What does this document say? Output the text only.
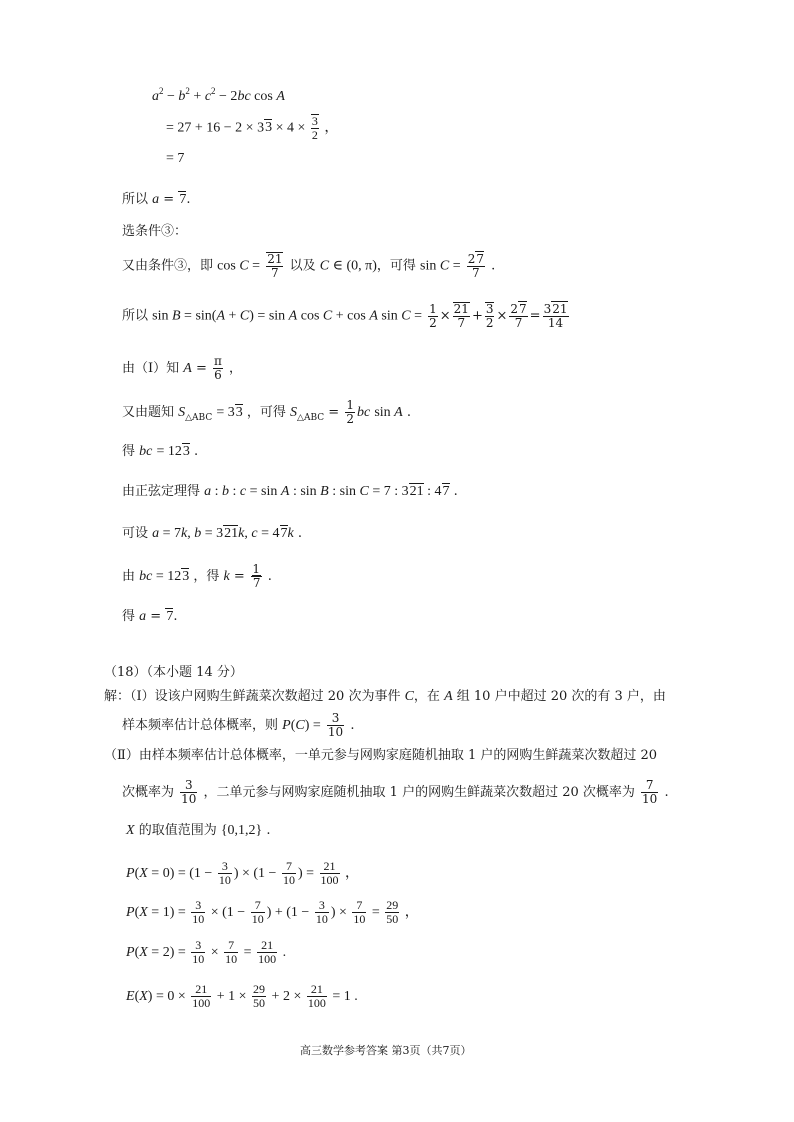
$a^2 - b^2 + c^2 - 2bc$ cos A
= $27 + 16 - 2 \times 33 \times 4 \times \frac{3}{2}$ ，
= 7
所以 a = 7.
选条件③：
又由条件③，即 $\cos C = \frac{21}{7}$ 以及 C ∈ (0, π)，可得 $\sin C = \frac{27}{7}$ .
所以 sin B = sin(A + C) = sin A cos C + cos A $\sin C = \frac{1}{2} \times \frac{21}{7} + \frac{3}{2} \times \frac{27}{7} = \frac{321}{14}$
由（Ⅰ）知 $A = \frac{\pi}{6}$ ，
又由题知 $S_{\triangle ABC} = 33$ ，可得 $S_{\triangle ABC} = \frac{1}{2}$ bc sin A .
得 bc = 123 .
由正弦定理得 a : b : c = sin A : sin B : sin C = 7 : 321 : 47 .
可设 a = 7k, b = 321k, c = 47k .
由 bc = 123 ，得 $k = \frac{1}{7}$ .
得 a = 7.
（18）（本小题 14 分）
解：（Ⅰ）设该户网购生鲜蔬菜次数超过 20 次为事件 C，在 A 组 10 户中超过 20 次的有 3 户，由
样本频率估计总体概率，则 $P(C) = \frac{3}{10}$ .
（Ⅱ）由样本频率估计总体概率，一单元参与网购家庭随机抽取 1 户的网购生鲜蔬菜次数超过 20
次概率为 $\frac{3}{10}$ ，二单元参与网购家庭随机抽取 1 户的网购生鲜蔬菜次数超过 20 次概率为 $\frac{7}{10}$ .
X 的取值范围为 {0,1,2} .
$P(X = 0) = (1 - \frac{3}{10}$ ) × ($1 - \frac{7}{10}$ ) = $\frac{21}{100}$ ，
$P(X = 1) = \frac{3}{10} \times (1 - \frac{7}{10}$ ) + ($1 - \frac{3}{10}$ ) × $\frac{7}{10} = \frac{29}{50}$ ，
$P(X = 2) = \frac{3}{10} \times \frac{7}{10} = \frac{21}{100}$ .
$E(X) = 0 \times \frac{21}{100} + 1 \times \frac{29}{50} + 2 \times \frac{21}{100} = 1$ .
高三数学参考答案 第3页（共7页）
